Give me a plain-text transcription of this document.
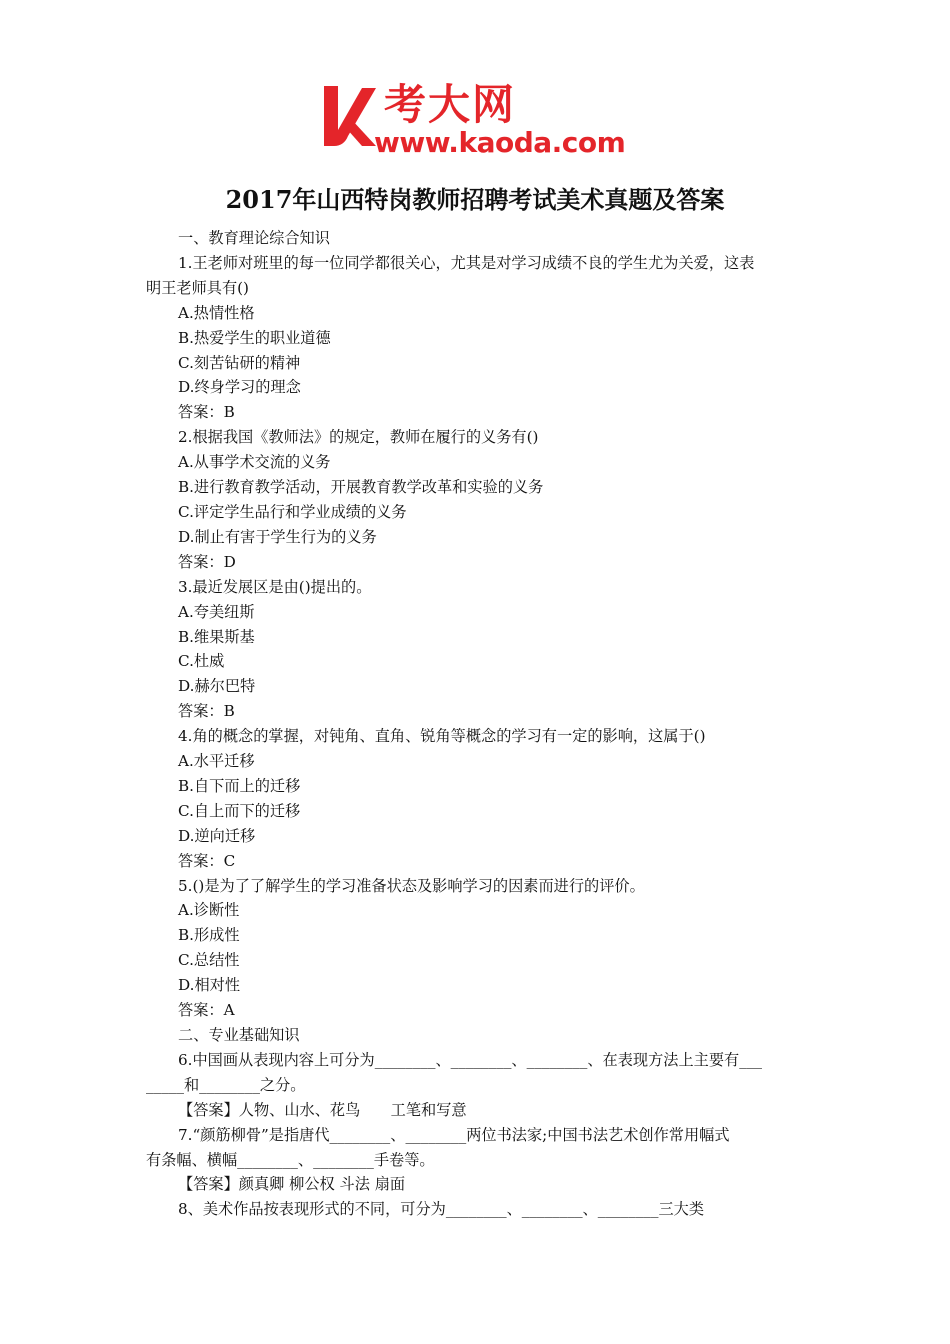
考大网
www.kaoda.com
2017年山西特岗教师招聘考试美术真题及答案

一、教育理论综合知识

1.王老师对班里的每一位同学都很关心，尤其是对学习成绩不良的学生尤为关爱，这表

明王老师具有()

A.热情性格

B.热爱学生的职业道德

C.刻苦钻研的精神

D.终身学习的理念

答案：B

2.根据我国《教师法》的规定，教师在履行的义务有()

A.从事学术交流的义务

B.进行教育教学活动，开展教育教学改革和实验的义务

C.评定学生品行和学业成绩的义务

D.制止有害于学生行为的义务

答案：D

3.最近发展区是由()提出的。

A.夸美纽斯

B.维果斯基

C.杜威

D.赫尔巴特

答案：B

4.角的概念的掌握，对钝角、直角、锐角等概念的学习有一定的影响，这属于()

A.水平迁移

B.自下而上的迁移

C.自上而下的迁移

D.逆向迁移

答案：C

5.()是为了了解学生的学习准备状态及影响学习的因素而进行的评价。

A.诊断性

B.形成性

C.总结性

D.相对性

答案：A

二、专业基础知识

6.中国画从表现内容上可分为________、________、________、在表现方法上主要有___

_____和________之分。

【答案】人物、山水、花鸟　　工笔和写意

7.“颜筋柳骨”是指唐代________、________两位书法家;中国书法艺术创作常用幅式

有条幅、横幅________、________手卷等。

【答案】颜真卿 柳公权 斗法 扇面

8、美术作品按表现形式的不同，可分为________、________、________三大类
